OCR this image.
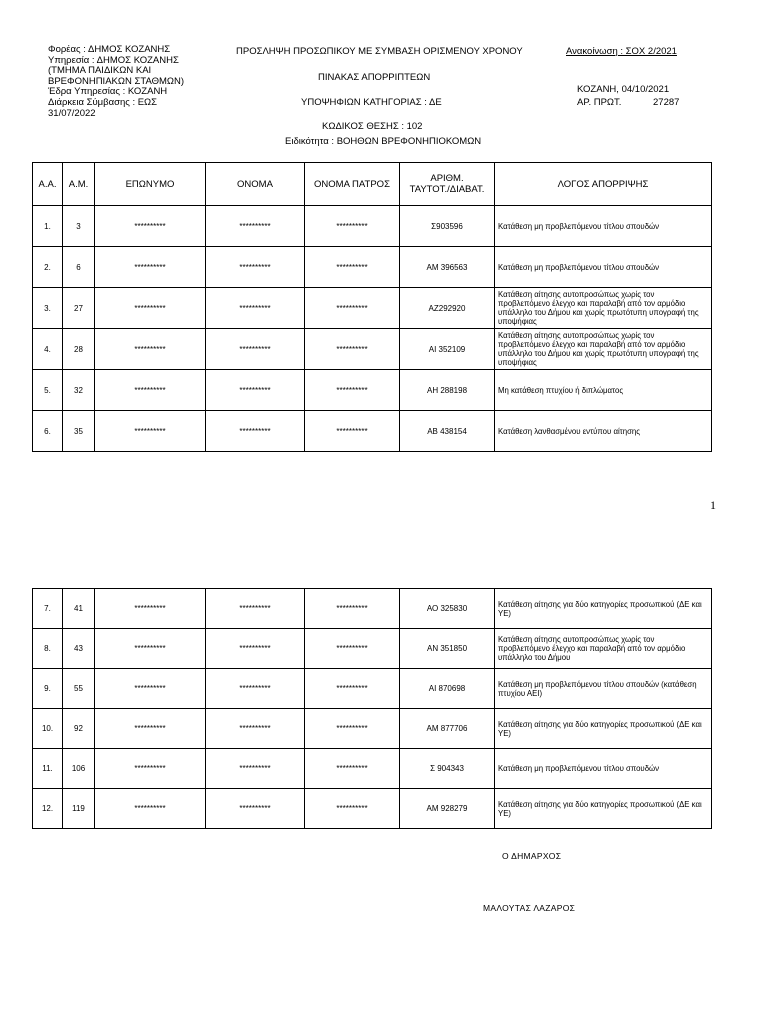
Φορέας : ΔΗΜΟΣ ΚΟΖΑΝΗΣ
Υπηρεσία : ΔΗΜΟΣ ΚΟΖΑΝΗΣ
(ΤΜΗΜΑ ΠΑΙΔΙΚΩΝ ΚΑΙ
ΒΡΕΦΟΝΗΠΙΑΚΩΝ ΣΤΑΘΜΩΝ)
Έδρα Υπηρεσίας : ΚΟΖΑΝΗ
Διάρκεια Σύμβασης : ΕΩΣ
31/07/2022
ΠΡΟΣΛΗΨΗ ΠΡΟΣΩΠΙΚΟΥ ΜΕ ΣΥΜΒΑΣΗ ΟΡΙΣΜΕΝΟΥ ΧΡΟΝΟΥ	Ανακοίνωση : ΣΟΧ 2/2021
ΠΙΝΑΚΑΣ ΑΠΟΡΡΙΠΤΕΩΝ
ΚΟΖΑΝΗ, 04/10/2021
ΑΡ. ΠΡΩΤ.	27287
ΥΠΟΨΗΦΙΩΝ ΚΑΤΗΓΟΡΙΑΣ : ΔΕ
ΚΩΔΙΚΟΣ ΘΕΣΗΣ : 102
Ειδικότητα : ΒΟΗΘΩΝ ΒΡΕΦΟΝΗΠΙΟΚΟΜΩΝ
Α.Α.	Α.Μ.	ΕΠΩΝΥΜΟ	ΟΝΟΜΑ	ΟΝΟΜΑ ΠΑΤΡΟΣ	ΑΡΙΘΜ.
ΤΑΥΤΟΤ./ΔΙΑΒΑΤ.	ΛΟΓΟΣ ΑΠΟΡΡΙΨΗΣ
1.	3	**********	**********	**********	Σ903596	Κατάθεση μη προβλεπόμενου τίτλου σπουδών
2.	6	**********	**********	**********	ΑΜ 396563	Κατάθεση μη προβλεπόμενου τίτλου σπουδών
3.	27	**********	**********	**********	ΑΖ292920	Κατάθεση αίτησης αυτοπροσώπως χωρίς τον προβλεπόμενο έλεγχο και παραλαβή από τον αρμόδιο υπάλληλο του Δήμου και χωρίς πρωτότυπη υπογραφή της υποψήφιας
4.	28	**********	**********	**********	ΑΙ 352109	Κατάθεση αίτησης αυτοπροσώπως χωρίς τον προβλεπόμενο έλεγχο και παραλαβή από τον αρμόδιο υπάλληλο του Δήμου και χωρίς πρωτότυπη υπογραφή της υποψήφιας
5.	32	**********	**********	**********	ΑΗ 288198	Μη κατάθεση πτυχίου ή διπλώματος
6.	35	**********	**********	**********	ΑΒ 438154	Κατάθεση λανθασμένου εντύπου αίτησης
1
7.	41	**********	**********	**********	ΑΟ 325830	Κατάθεση αίτησης για δύο κατηγορίες προσωπικού (ΔΕ και ΥΕ)
8.	43	**********	**********	**********	ΑΝ 351850	Κατάθεση αίτησης αυτοπροσώπως χωρίς τον προβλεπόμενο έλεγχο και παραλαβή από τον αρμόδιο υπάλληλο του Δήμου
9.	55	**********	**********	**********	ΑΙ 870698	Κατάθεση μη προβλεπόμενου τίτλου σπουδών (κατάθεση πτυχίου ΑΕΙ)
10.	92	**********	**********	**********	ΑΜ 877706	Κατάθεση αίτησης για δύο κατηγορίες προσωπικού (ΔΕ και ΥΕ)
11.	106	**********	**********	**********	Σ 904343	Κατάθεση μη προβλεπόμενου τίτλου σπουδών
12.	119	**********	**********	**********	ΑΜ 928279	Κατάθεση αίτησης για δύο κατηγορίες προσωπικού (ΔΕ και ΥΕ)
Ο ΔΗΜΑΡΧΟΣ
ΜΑΛΟΥΤΑΣ ΛΑΖΑΡΟΣ
